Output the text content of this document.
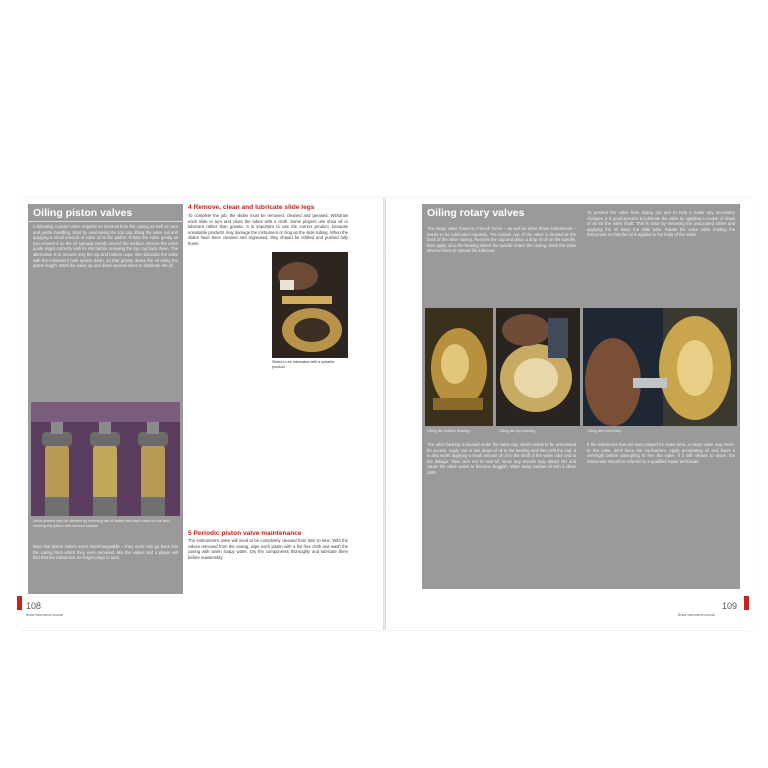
Oiling piston valves
Lubricating a piston valve requires its removal from the casing as well as care and gentle handling. Start by unscrewing the top cap, lifting the valve out and applying a small amount of valve oil to the piston. Rotate the valve gently as you reinsert it so the oil spreads evenly around the surface. Ensure the valve guide aligns correctly with its slot before screwing the top cap back down. The alternative is to remove only the top and bottom caps, then lubricate the valve with the instrument held upside down, so that gravity draws the oil along the piston length. Work the valve up and down several times to distribute the oil.
Valve pistons can be cleaned by inserting the oil bottle into each valve in turn and working the piston with several strokes.
Note that piston valves aren't interchangeable – they must only go back into the casing from which they were removed. Mix the valves and a player will find that the instrument no longer plays in tune.
4 Remove, clean and lubricate slide legs
To complete the job, the slides must be removed, cleaned and greased. Withdraw each slide in turn and clean the tubes with a cloth. Some players use shea oil or lubricant rather than grease. It is important to use the correct product, because unsuitable products may damage the instrument or clog up the slide tubing. When the slides have been cleaned and regreased, they should be refitted and pushed fully home.
Slides to be lubricated with a suitable product.
5 Periodic piston valve maintenance
The instrument's valve will need to be completely cleaned from time to time. With the valves removed from the casing, wipe each piston with a lint free cloth and wash the casing with warm soapy water. Dry the components thoroughly and lubricate them before reassembly.
108
Brass instruments manual
Oiling rotary valves
The rotary valve found on French horns – as well as other brass instruments – needs to be lubricated regularly. The bottom cap of the valve is located at the back of the valve casing. Remove the cap and place a drop of oil on the spindle, then apply oil to the bearing where the spindle enters the casing. Work the valve several times to spread the lubricant.
To prevent the valve from drying out and to help it make any necessary changes, it is good practice to lubricate the valve by applying a couple of drops of oil via the valve shaft. This is done by removing the associated slides and applying the oil down the slide tube. Rotate the valve while holding the instrument so that the oil is applied to the body of the valve.
Oiling the bottom bearing.	Oiling the top bearing.	Oiling the rotor body.
The other bearing is located under the valve cap, which needs to be unscrewed for access. Apply one or two drops of oil to the bearing and then refit the cap. It is also worth applying a small amount of oil to the shaft of the valve rotor and to the linkage. Take care not to over-oil, since any excess may attract dirt and cause the valve action to become sluggish. Wipe away surplus oil with a clean cloth.
If the instrument has not been played for some time, a rotary valve may seize. In this case, don't force the mechanism. Apply penetrating oil and leave it overnight before attempting to free the valve. If it still refuses to move, the instrument should be referred to a qualified repair technician.
109
Brass instruments manual
